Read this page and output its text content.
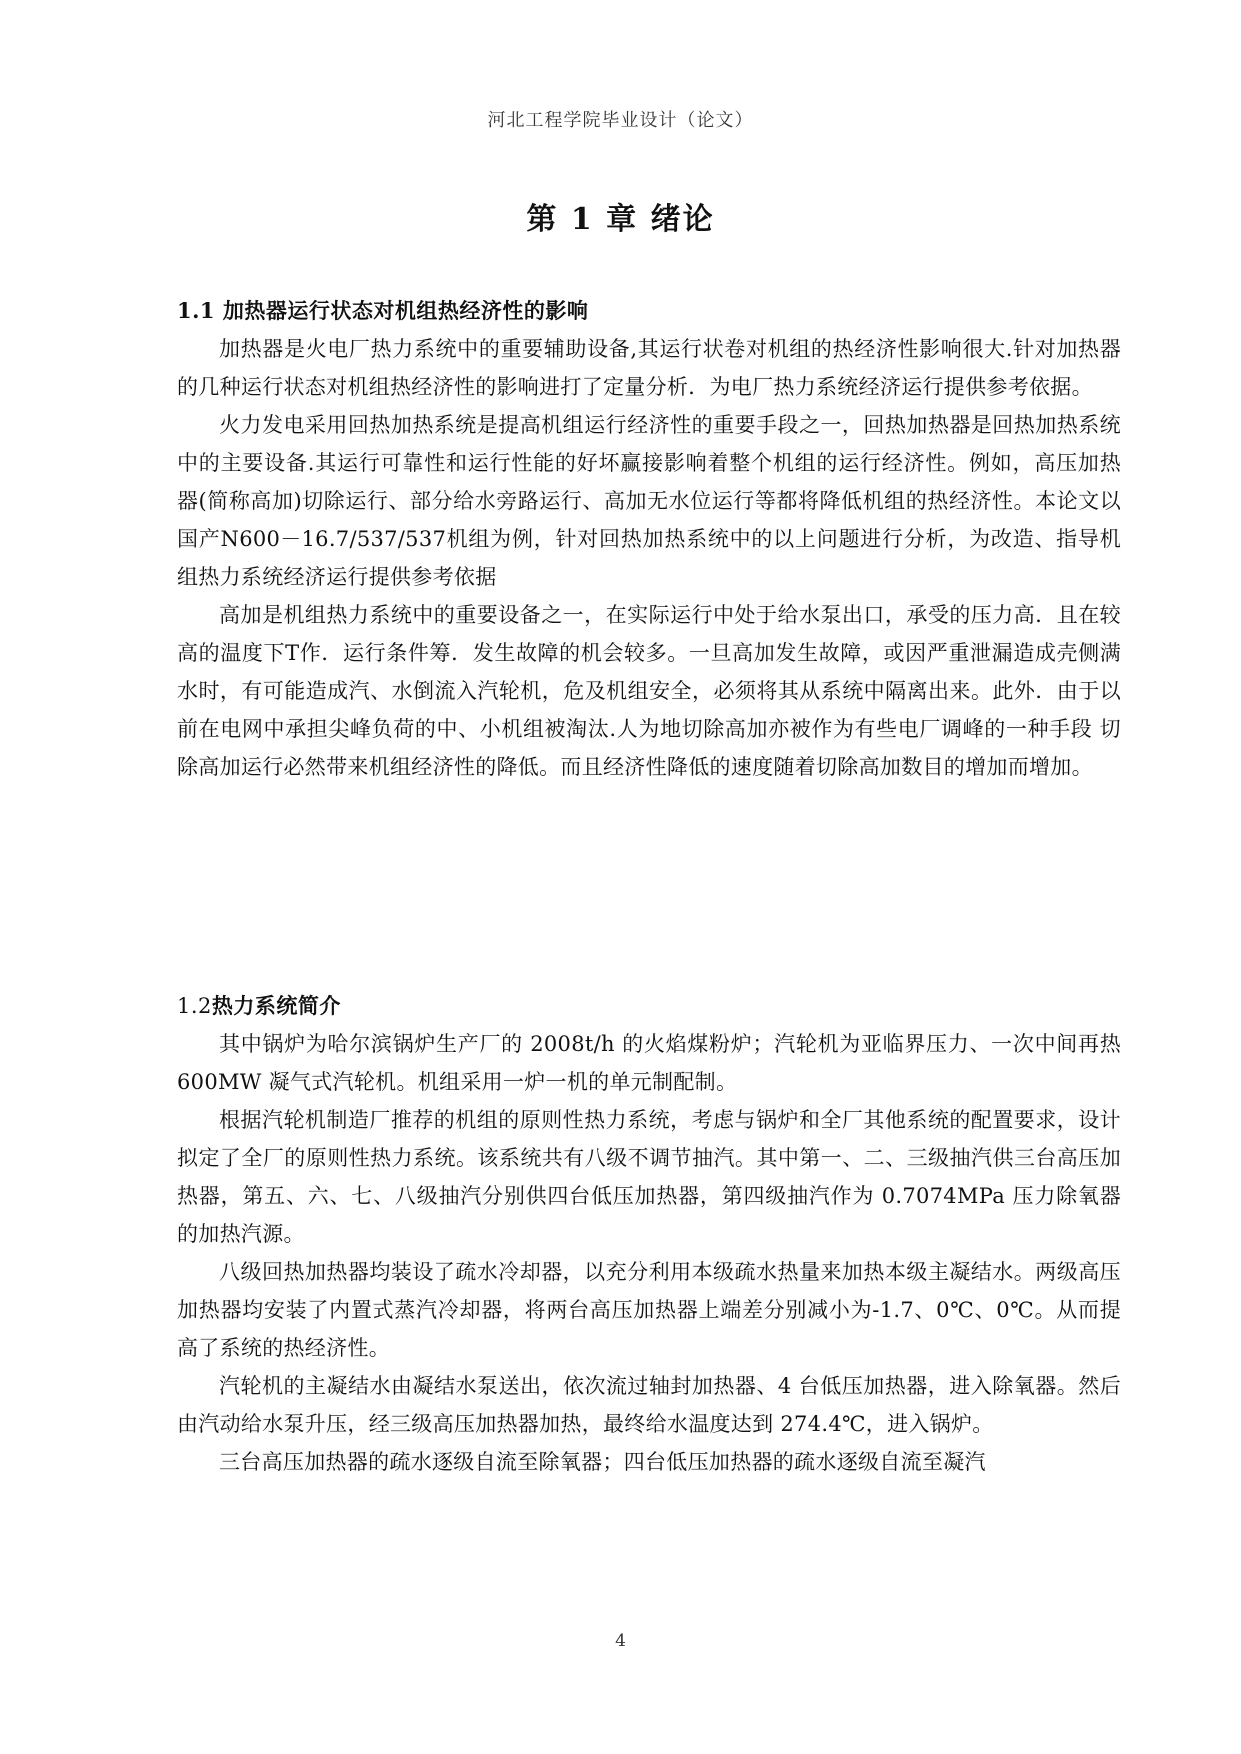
河北工程学院毕业设计（论文）
第 1 章 绪论
1.1 加热器运行状态对机组热经济性的影响

加热器是火电厂热力系统中的重要辅助设备,其运行状卷对机组的热经济性影响很大.针对加热器的几种运行状态对机组热经济性的影响进打了定量分析．为电厂热力系统经济运行提供参考依据。

火力发电采用回热加热系统是提高机组运行经济性的重要手段之一，回热加热器是回热加热系统中的主要设备.其运行可靠性和运行性能的好坏赢接影响着整个机组的运行经济性。例如，高压加热器(简称高加)切除运行、部分给水旁路运行、高加无水位运行等都将降低机组的热经济性。本论文以国产N600－16.7/537/537机组为例，针对回热加热系统中的以上问题进行分析，为改造、指导机组热力系统经济运行提供参考依据

高加是机组热力系统中的重要设备之一，在实际运行中处于给水泵出口，承受的压力高．且在较高的温度下T作．运行条件筹．发生故障的机会较多。一旦高加发生故障，或因严重泄漏造成壳侧满水时，有可能造成汽、水倒流入汽轮机，危及机组安全，必须将其从系统中隔离出来。此外．由于以前在电网中承担尖峰负荷的中、小机组被淘汰.人为地切除高加亦被作为有些电厂调峰的一种手段 切除高加运行必然带来机组经济性的降低。而且经济性降低的速度随着切除高加数目的增加而增加。

1.2热力系统简介

其中锅炉为哈尔滨锅炉生产厂的 2008t/h 的火焰煤粉炉；汽轮机为亚临界压力、一次中间再热 600MW 凝气式汽轮机。机组采用一炉一机的单元制配制。

根据汽轮机制造厂推荐的机组的原则性热力系统，考虑与锅炉和全厂其他系统的配置要求，设计拟定了全厂的原则性热力系统。该系统共有八级不调节抽汽。其中第一、二、三级抽汽供三台高压加热器，第五、六、七、八级抽汽分别供四台低压加热器，第四级抽汽作为 0.7074MPa 压力除氧器的加热汽源。

八级回热加热器均装设了疏水冷却器，以充分利用本级疏水热量来加热本级主凝结水。两级高压加热器均安装了内置式蒸汽冷却器，将两台高压加热器上端差分别减小为-1.7、0℃、0℃。从而提高了系统的热经济性。

汽轮机的主凝结水由凝结水泵送出，依次流过轴封加热器、4 台低压加热器，进入除氧器。然后由汽动给水泵升压，经三级高压加热器加热，最终给水温度达到 274.4℃，进入锅炉。

三台高压加热器的疏水逐级自流至除氧器；四台低压加热器的疏水逐级自流至凝汽

4
